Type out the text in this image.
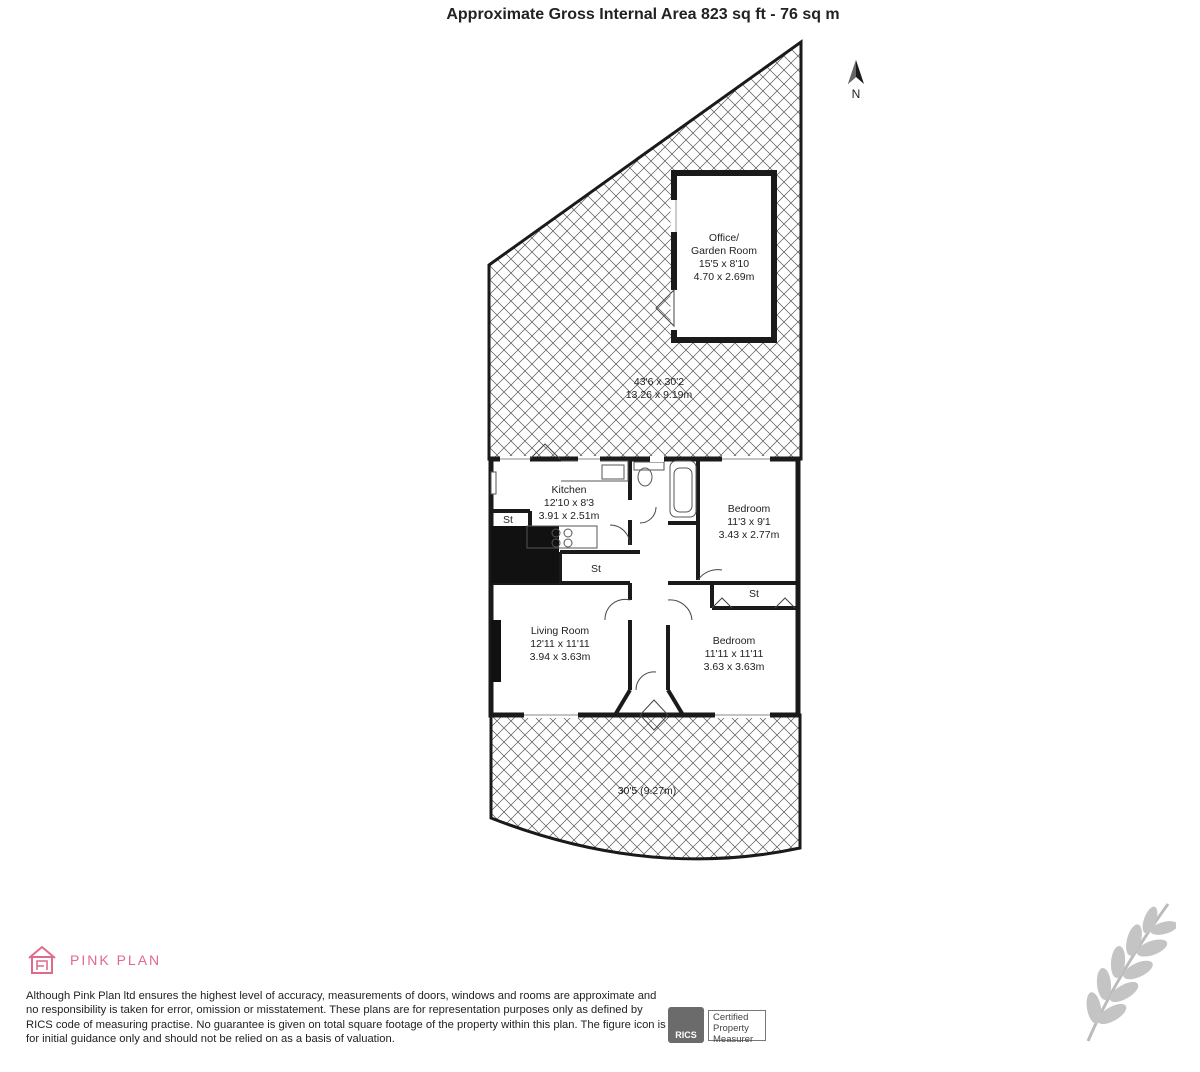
Approximate Gross Internal Area 823 sq ft - 76 sq m
N
Office/
Garden Room
15'5 x 8'10
4.70 x 2.69m
43'6 x 30'2
13.26 x 9.19m
Kitchen
12'10 x 8'3
3.91 x 2.51m
Bedroom
11'3 x 9'1
3.43 x 2.77m
Living Room
12'11 x 11'11
3.94 x 3.63m
Bedroom
11'11 x 11'11
3.63 x 3.63m
30'5 (9.27m)
St
St
St
PINK PLAN
Although Pink Plan ltd ensures the highest level of accuracy, measurements of doors, windows and rooms are approximate and no responsibility is taken for error, omission or misstatement. These plans are for representation purposes only as defined by RICS code of measuring practise. No guarantee is given on total square footage of the property within this plan. The figure icon is for initial guidance only and should not be relied on as a basis of valuation.	RICS
Certified
Property
Measurer
